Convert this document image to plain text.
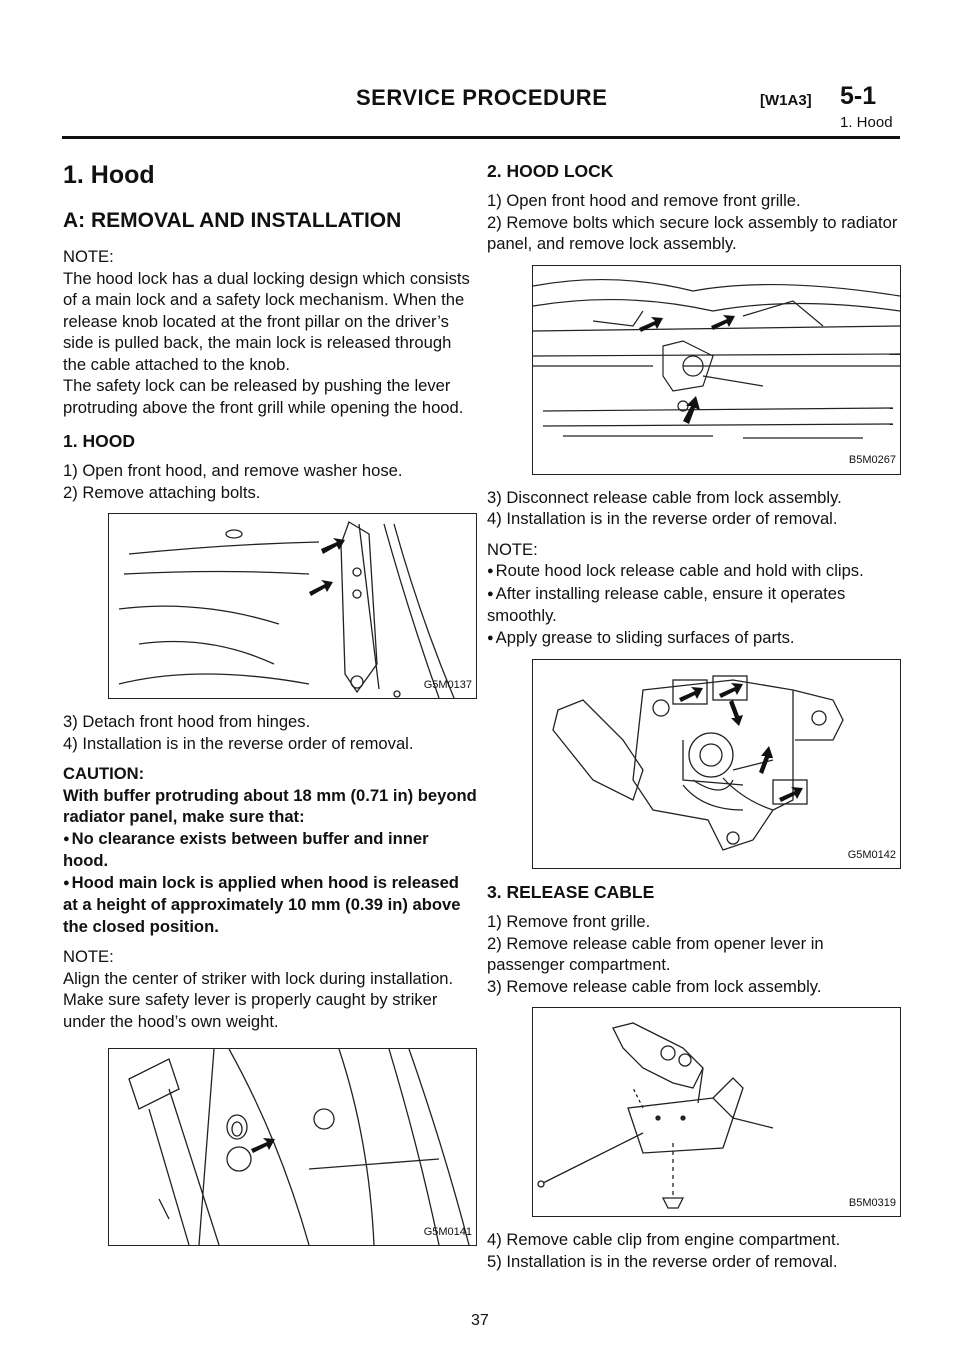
SERVICE PROCEDURE	[W1A3] 5-1
1. Hood
1. Hood
A: REMOVAL AND INSTALLATION

NOTE:
The hood lock has a dual locking design which consists of a main lock and a safety lock mechanism. When the release knob located at the front pillar on the driver’s side is pulled back, the main lock is released through the cable attached to the knob.
The safety lock can be released by pushing the lever protruding above the front grill while opening the hood.

1. HOOD

1) Open front hood, and remove washer hose.
2) Remove attaching bolts.

G5M0137

3) Detach front hood from hinges.
4) Installation is in the reverse order of removal.

CAUTION:
With buffer protruding about 18 mm (0.71 in) beyond radiator panel, make sure that:
● No clearance exists between buffer and inner hood.
● Hood main lock is applied when hood is released at a height of approximately 10 mm (0.39 in) above the closed position.

NOTE:
Align the center of striker with lock during installation. Make sure safety lever is properly caught by striker under the hood’s own weight.

G5M0141
2. HOOD LOCK

1) Open front hood and remove front grille.
2) Remove bolts which secure lock assembly to radiator panel, and remove lock assembly.

B5M0267

3) Disconnect release cable from lock assembly.
4) Installation is in the reverse order of removal.

NOTE:
● Route hood lock release cable and hold with clips.
● After installing release cable, ensure it operates smoothly.
● Apply grease to sliding surfaces of parts.

G5M0142
3. RELEASE CABLE

1) Remove front grille.
2) Remove release cable from opener lever in passenger compartment.
3) Remove release cable from lock assembly.

B5M0319

4) Remove cable clip from engine compartment.
5) Installation is in the reverse order of removal.

37
